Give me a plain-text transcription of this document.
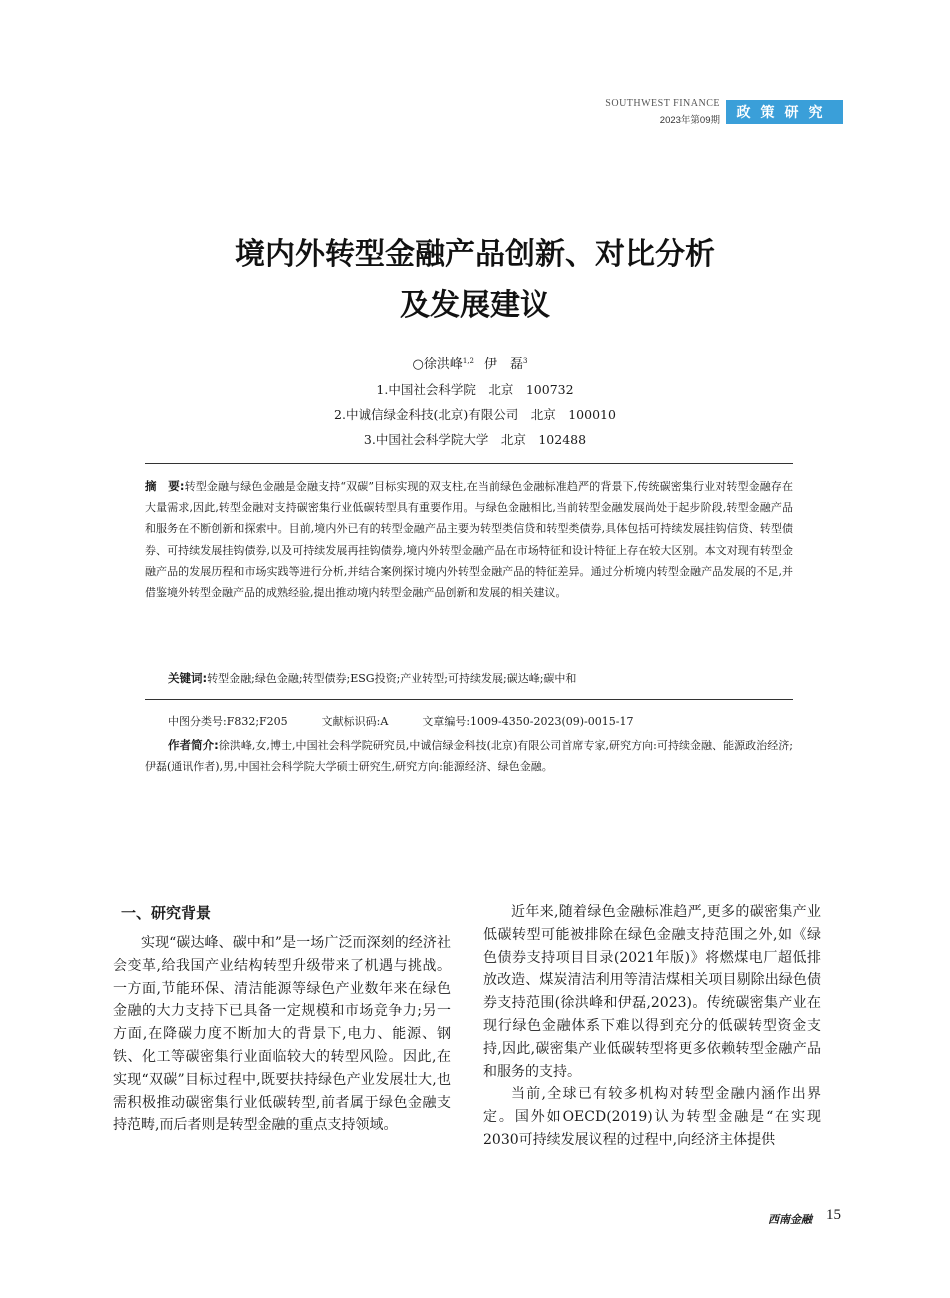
SOUTHWEST FINANCE
2023年第09期
政策研究
境内外转型金融产品创新、对比分析
及发展建议
○徐洪峰$^{1,2}$ 伊　磊$^3$
1.中国社会科学院　北京　100732
2.中诚信绿金科技(北京)有限公司　北京　100010
3.中国社会科学院大学　北京　102488
摘　要:转型金融与绿色金融是金融支持“双碳”目标实现的双支柱,在当前绿色金融标准趋严的背景下,传统碳密集行业对转型金融存在大量需求,因此,转型金融对支持碳密集行业低碳转型具有重要作用。与绿色金融相比,当前转型金融发展尚处于起步阶段,转型金融产品和服务在不断创新和探索中。目前,境内外已有的转型金融产品主要为转型类信贷和转型类债券,具体包括可持续发展挂钩信贷、转型债券、可持续发展挂钩债券,以及可持续发展再挂钩债券,境内外转型金融产品在市场特征和设计特征上存在较大区别。本文对现有转型金融产品的发展历程和市场实践等进行分析,并结合案例探讨境内外转型金融产品的特征差异。通过分析境内转型金融产品发展的不足,并借鉴境外转型金融产品的成熟经验,提出推动境内转型金融产品创新和发展的相关建议。
关键词:转型金融;绿色金融;转型债券;ESG投资;产业转型;可持续发展;碳达峰;碳中和
中图分类号:F832;F205	文献标识码:A	文章编号:1009-4350-2023(09)-0015-17
作者简介:徐洪峰,女,博士,中国社会科学院研究员,中诚信绿金科技(北京)有限公司首席专家,研究方向:可持续金融、能源政治经济;伊磊(通讯作者),男,中国社会科学院大学硕士研究生,研究方向:能源经济、绿色金融。
一、研究背景

实现“碳达峰、碳中和”是一场广泛而深刻的经济社会变革,给我国产业结构转型升级带来了机遇与挑战。一方面,节能环保、清洁能源等绿色产业数年来在绿色金融的大力支持下已具备一定规模和市场竞争力;另一方面,在降碳力度不断加大的背景下,电力、能源、钢铁、化工等碳密集行业面临较大的转型风险。因此,在实现“双碳”目标过程中,既要扶持绿色产业发展壮大,也需积极推动碳密集行业低碳转型,前者属于绿色金融支持范畴,而后者则是转型金融的重点支持领域。

近年来,随着绿色金融标准趋严,更多的碳密集产业低碳转型可能被排除在绿色金融支持范围之外,如《绿色债券支持项目目录(2021年版)》将燃煤电厂超低排放改造、煤炭清洁利用等清洁煤相关项目剔除出绿色债券支持范围(徐洪峰和伊磊,2023)。传统碳密集产业在现行绿色金融体系下难以得到充分的低碳转型资金支持,因此,碳密集产业低碳转型将更多依赖转型金融产品和服务的支持。

当前,全球已有较多机构对转型金融内涵作出界定。国外如OECD(2019)认为转型金融是“在实现2030可持续发展议程的过程中,向经济主体提供

西南金融 15
